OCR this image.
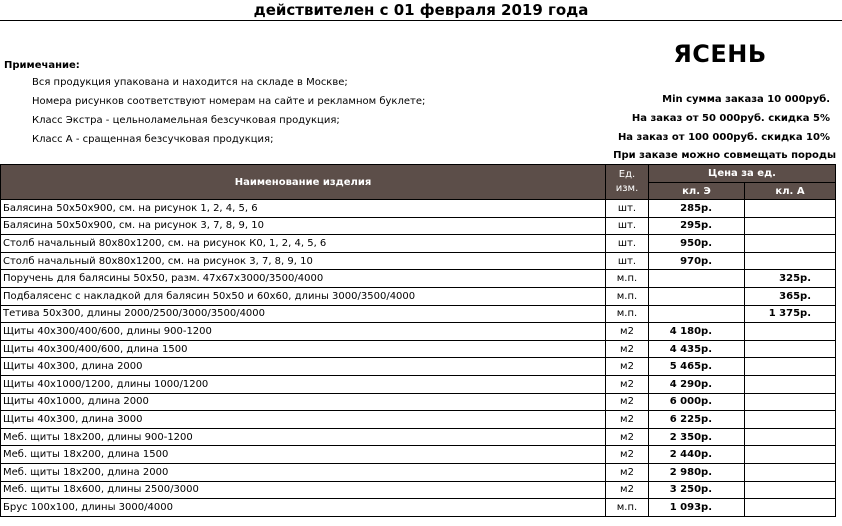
действителен с 01 февраля 2019 года
Примечание:
Вся продукция упакована и находится на складе в Москве;
Номера рисунков соответствуют номерам на сайте и рекламном буклете;
Класс Экстра - цельноламельная безсучковая продукция;
Класс А - сращенная безсучковая продукция;
ЯСЕНЬ
Min сумма заказа 10 000руб.
На заказ от 50 000руб. скидка 5%
На заказ от 100 000руб. скидка 10%
При заказе можно совмещать породы
Наименование изделия	Ед. изм.	Цена за ед.	
		кл. Э	кл. А
Балясина 50х50х900, см. на рисунок 1, 2, 4, 5, 6	шт.	285р.	
Балясина 50х50х900, см. на рисунок 3, 7, 8, 9, 10	шт.	295р.	
Столб начальный 80х80х1200, см. на рисунок К0, 1, 2, 4, 5, 6	шт.	950р.	
Столб начальный 80х80х1200, см. на рисунок 3, 7, 8, 9, 10	шт.	970р.	
Поручень для балясины 50х50, разм. 47х67х3000/3500/4000	м.п.		325р.
Подбалясенс с накладкой для балясин 50х50 и 60х60, длины 3000/3500/4000	м.п.		365р.
Тетива 50х300, длины 2000/2500/3000/3500/4000	м.п.		1 375р.
Щиты 40х300/400/600, длины 900-1200	м2	4 180р.	
Щиты 40х300/400/600, длина 1500	м2	4 435р.	
Щиты 40х300, длина 2000	м2	5 465р.	
Щиты 40х1000/1200, длины 1000/1200	м2	4 290р.	
Щиты 40х1000, длина 2000	м2	6 000р.	
Щиты 40х300, длина 3000	м2	6 225р.	
Меб. щиты 18х200, длины 900-1200	м2	2 350р.	
Меб. щиты 18х200, длина 1500	м2	2 440р.	
Меб. щиты 18х200, длина 2000	м2	2 980р.	
Меб. щиты 18х600, длины 2500/3000	м2	3 250р.	
Брус 100х100, длины 3000/4000	м.п.	1 093р.	
